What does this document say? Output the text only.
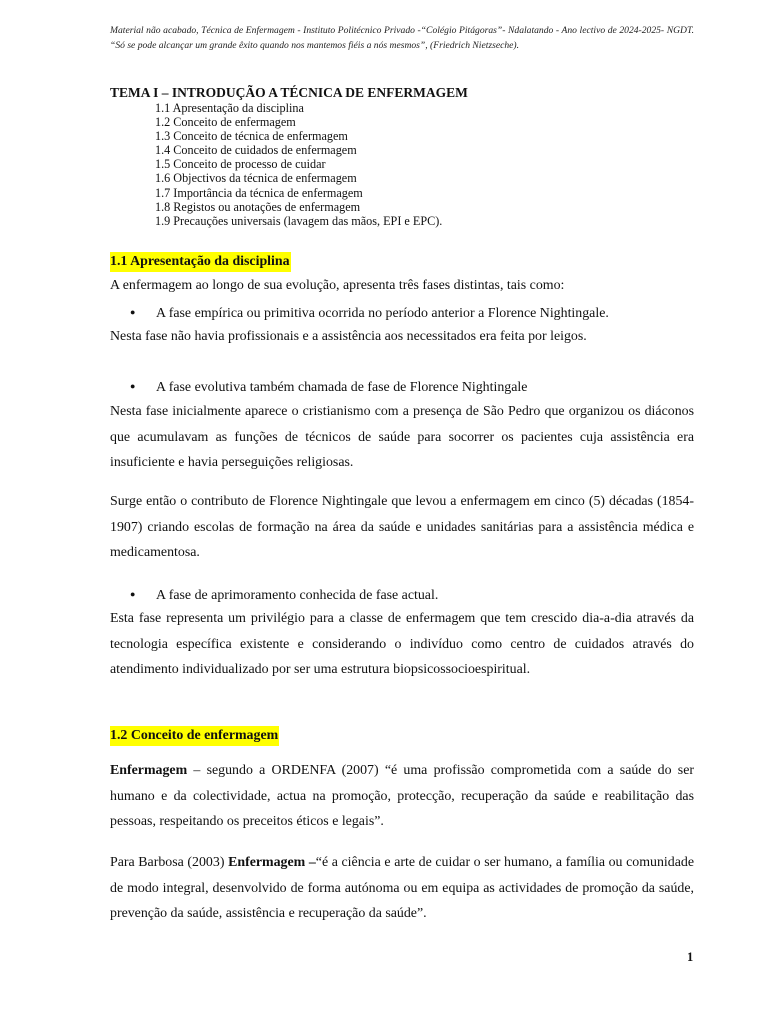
Material não acabado, Técnica de Enfermagem - Instituto Politécnico Privado -“Colégio Pitágoras”- Ndalatando - Ano lectivo de 2024-2025- NGDT. “Só se pode alcançar um grande êxito quando nos mantemos fiéis a nós mesmos”, (Friedrich Nietzseche).
TEMA I – INTRODUÇÃO A TÉCNICA DE ENFERMAGEM
1.1 Apresentação da disciplina
1.2 Conceito de enfermagem
1.3 Conceito de técnica de enfermagem
1.4 Conceito de cuidados de enfermagem
1.5 Conceito de processo de cuidar
1.6 Objectivos da técnica de enfermagem
1.7 Importância da técnica de enfermagem
1.8 Registos ou anotações de enfermagem
1.9 Precauções universais (lavagem das mãos, EPI e EPC).
1.1 Apresentação da disciplina

A enfermagem ao longo de sua evolução, apresenta três fases distintas, tais como:

● A fase empírica ou primitiva ocorrida no período anterior a Florence Nightingale.

Nesta fase não havia profissionais e a assistência aos necessitados era feita por leigos.

● A fase evolutiva também chamada de fase de Florence Nightingale

Nesta fase inicialmente aparece o cristianismo com a presença de São Pedro que organizou os diáconos que acumulavam as funções de técnicos de saúde para socorrer os pacientes cuja assistência era insuficiente e havia perseguições religiosas.

Surge então o contributo de Florence Nightingale que levou a enfermagem em cinco (5) décadas (1854-1907) criando escolas de formação na área da saúde e unidades sanitárias para a assistência médica e medicamentosa.

● A fase de aprimoramento conhecida de fase actual.

Esta fase representa um privilégio para a classe de enfermagem que tem crescido dia-a-dia através da tecnologia específica existente e considerando o indivíduo como centro de cuidados através do atendimento individualizado por ser uma estrutura biopsicossocioespiritual.

1.2 Conceito de enfermagem

Enfermagem – segundo a ORDENFA (2007) “é uma profissão comprometida com a saúde do ser humano e da colectividade, actua na promoção, protecção, recuperação da saúde e reabilitação das pessoas, respeitando os preceitos éticos e legais”.

Para Barbosa (2003) Enfermagem –“é a ciência e arte de cuidar o ser humano, a família ou comunidade de modo integral, desenvolvido de forma autónoma ou em equipa as actividades de promoção da saúde, prevenção da saúde, assistência e recuperação da saúde”.

1
